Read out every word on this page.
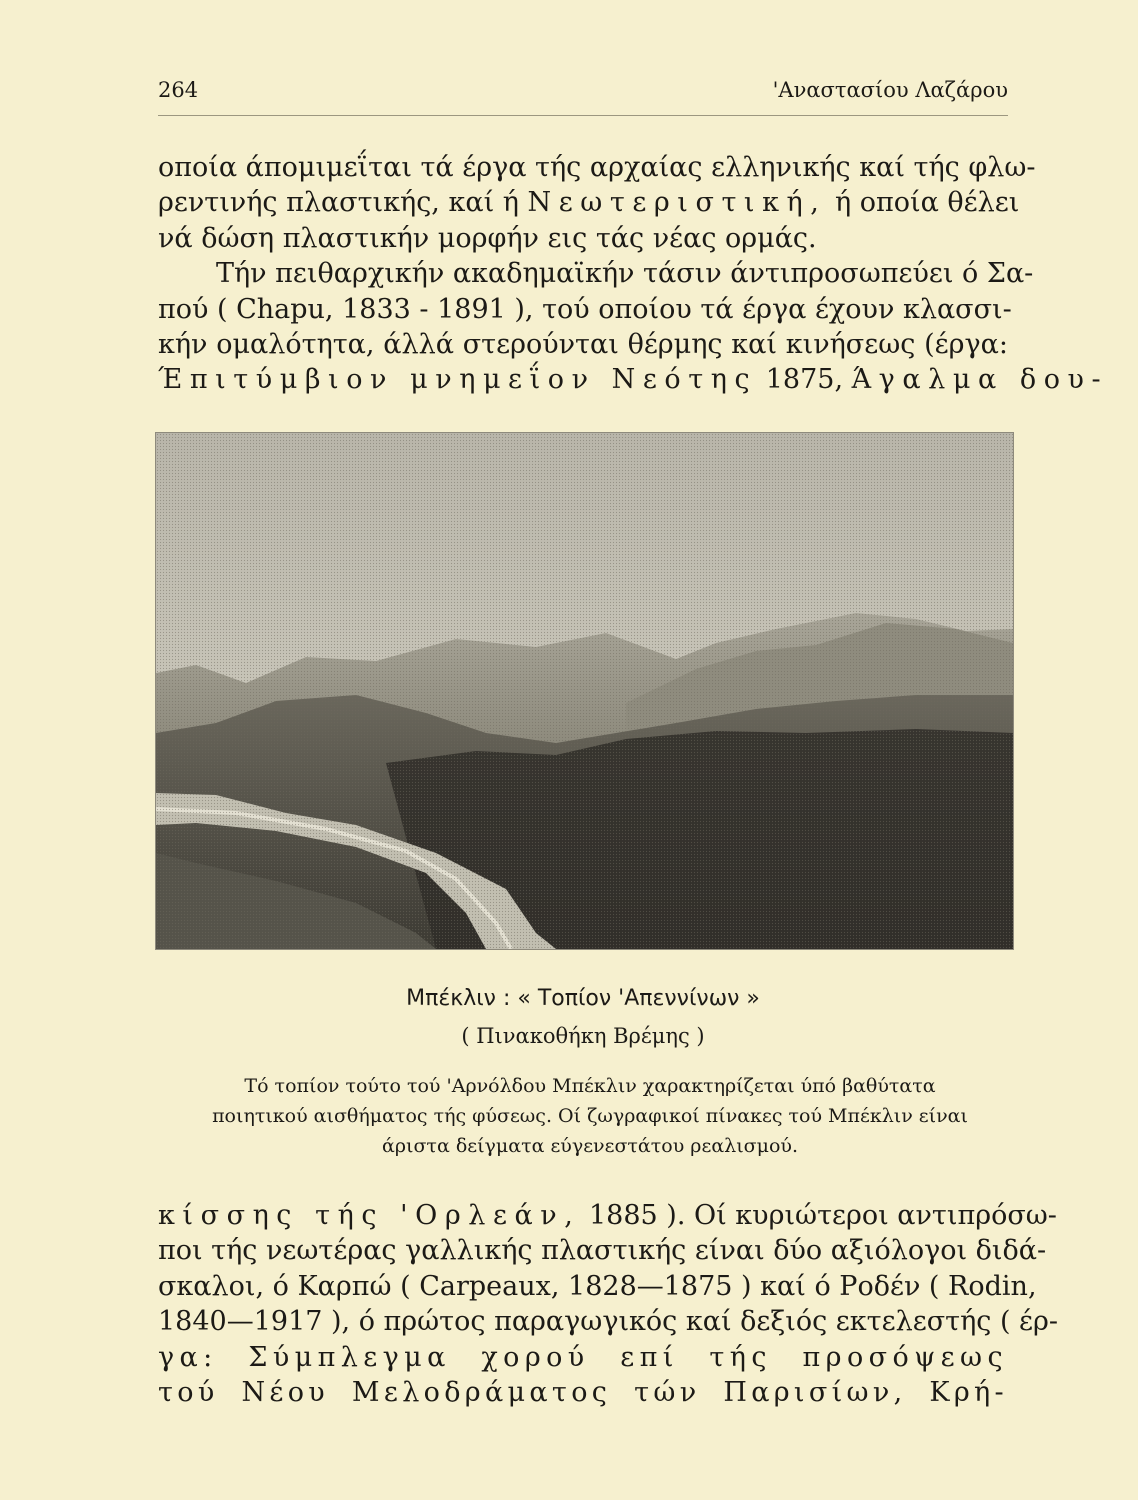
264	'Αναστασίου Λαζάρου
οποία άπομιμεΐται τά έργα τής αρχαίας ελληνικής καί τής φλω-
ρεντινής πλαστικής, καί ή Νεωτεριστική, ή οποία θέλει
νά δώση πλαστικήν μορφήν εις τάς νέας ορμάς.
Τήν πειθαρχικήν ακαδημαϊκήν τάσιν άντιπροσωπεύει ό Σα-
πού ( Chapu, 1833 - 1891 ), τού οποίου τά έργα έχουν κλασσι-
κήν ομαλότητα, άλλά στερούνται θέρμης καί κινήσεως (έργα:
Έπιτύμβιον μνημεΐον Νεότης 1875, Άγαλμα δου-
Μπέκλιν : « Τοπίον 'Απεννίνων »
( Πινακοθήκη Βρέμης )
Τό τοπίον τούτο τού 'Αρνόλδου Μπέκλιν χαρακτηρίζεται ύπό βαθύτατα ποιητικού αισθήματος τής φύσεως. Οί ζωγραφικοί πίνακες τού Μπέκλιν είναι άριστα δείγματα εύγενεστάτου ρεαλισμού.
κίσσης τής 'Ορλεάν, 1885 ). Οί κυριώτεροι αντιπρόσω-
ποι τής νεωτέρας γαλλικής πλαστικής είναι δύο αξιόλογοι διδά-
σκαλοι, ό Καρπώ ( Carpeaux, 1828—1875 ) καί ό Ροδέν ( Rodin,
1840—1917 ), ό πρώτος παραγωγικός καί δεξιός εκτελεστής ( έρ-
γα: Σύμπλεγμα χορού επί τής προσόψεως
τού Νέου Μελοδράματος τών Παρισίων, Κρή-
